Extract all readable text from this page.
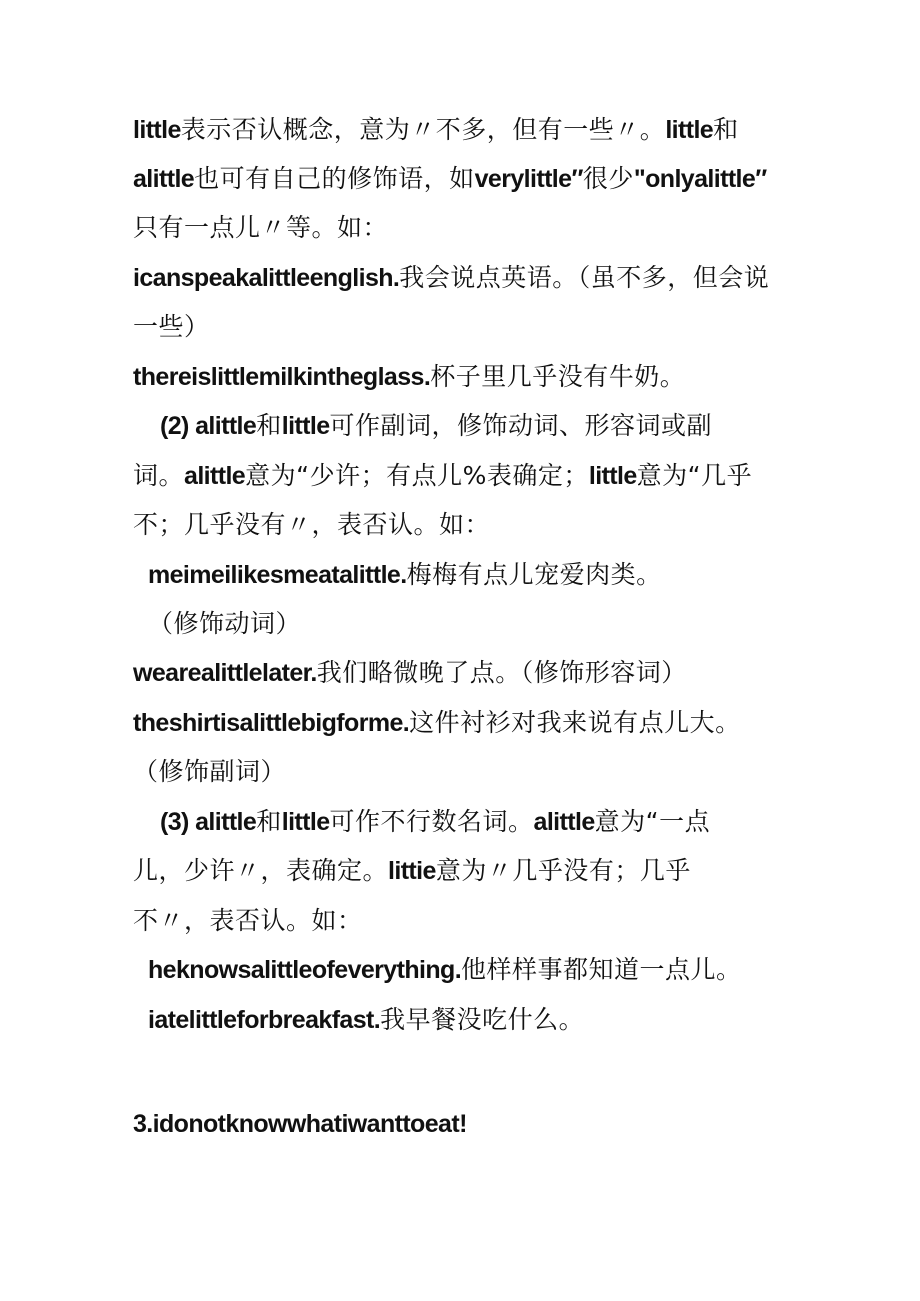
little表示否认概念，意为〃不多，但有一些〃。little和
alittle也可有自己的修饰语，如verylittle″很少"onlyalittle″
只有一点儿〃等。如：
icanspeakalittleenglish.我会说点英语。（虽不多，但会说
一些）
thereislittlemilkintheglass.杯子里几乎没有牛奶。
(2) alittle和little可作副词，修饰动词、形容词或副
词。alittle意为“少许；有点儿%表确定；little意为“几乎
不；几乎没有〃，表否认。如：
meimeilikesmeatalittle.梅梅有点儿宠爱肉类。
（修饰动词）
wearealittlelater.我们略微晚了点。（修饰形容词）
theshirtisalittlebigforme.这件衬衫对我来说有点儿大。
（修饰副词）
(3) alittle和little可作不行数名词。alittle意为“一点
儿，少许〃，表确定。littie意为〃几乎没有；几乎
不〃，表否认。如：
heknowsalittleofeverything.他样样事都知道一点儿。
iatelittleforbreakfast.我早餐没吃什么。
3.idonotknowwhatiwanttoeat!
